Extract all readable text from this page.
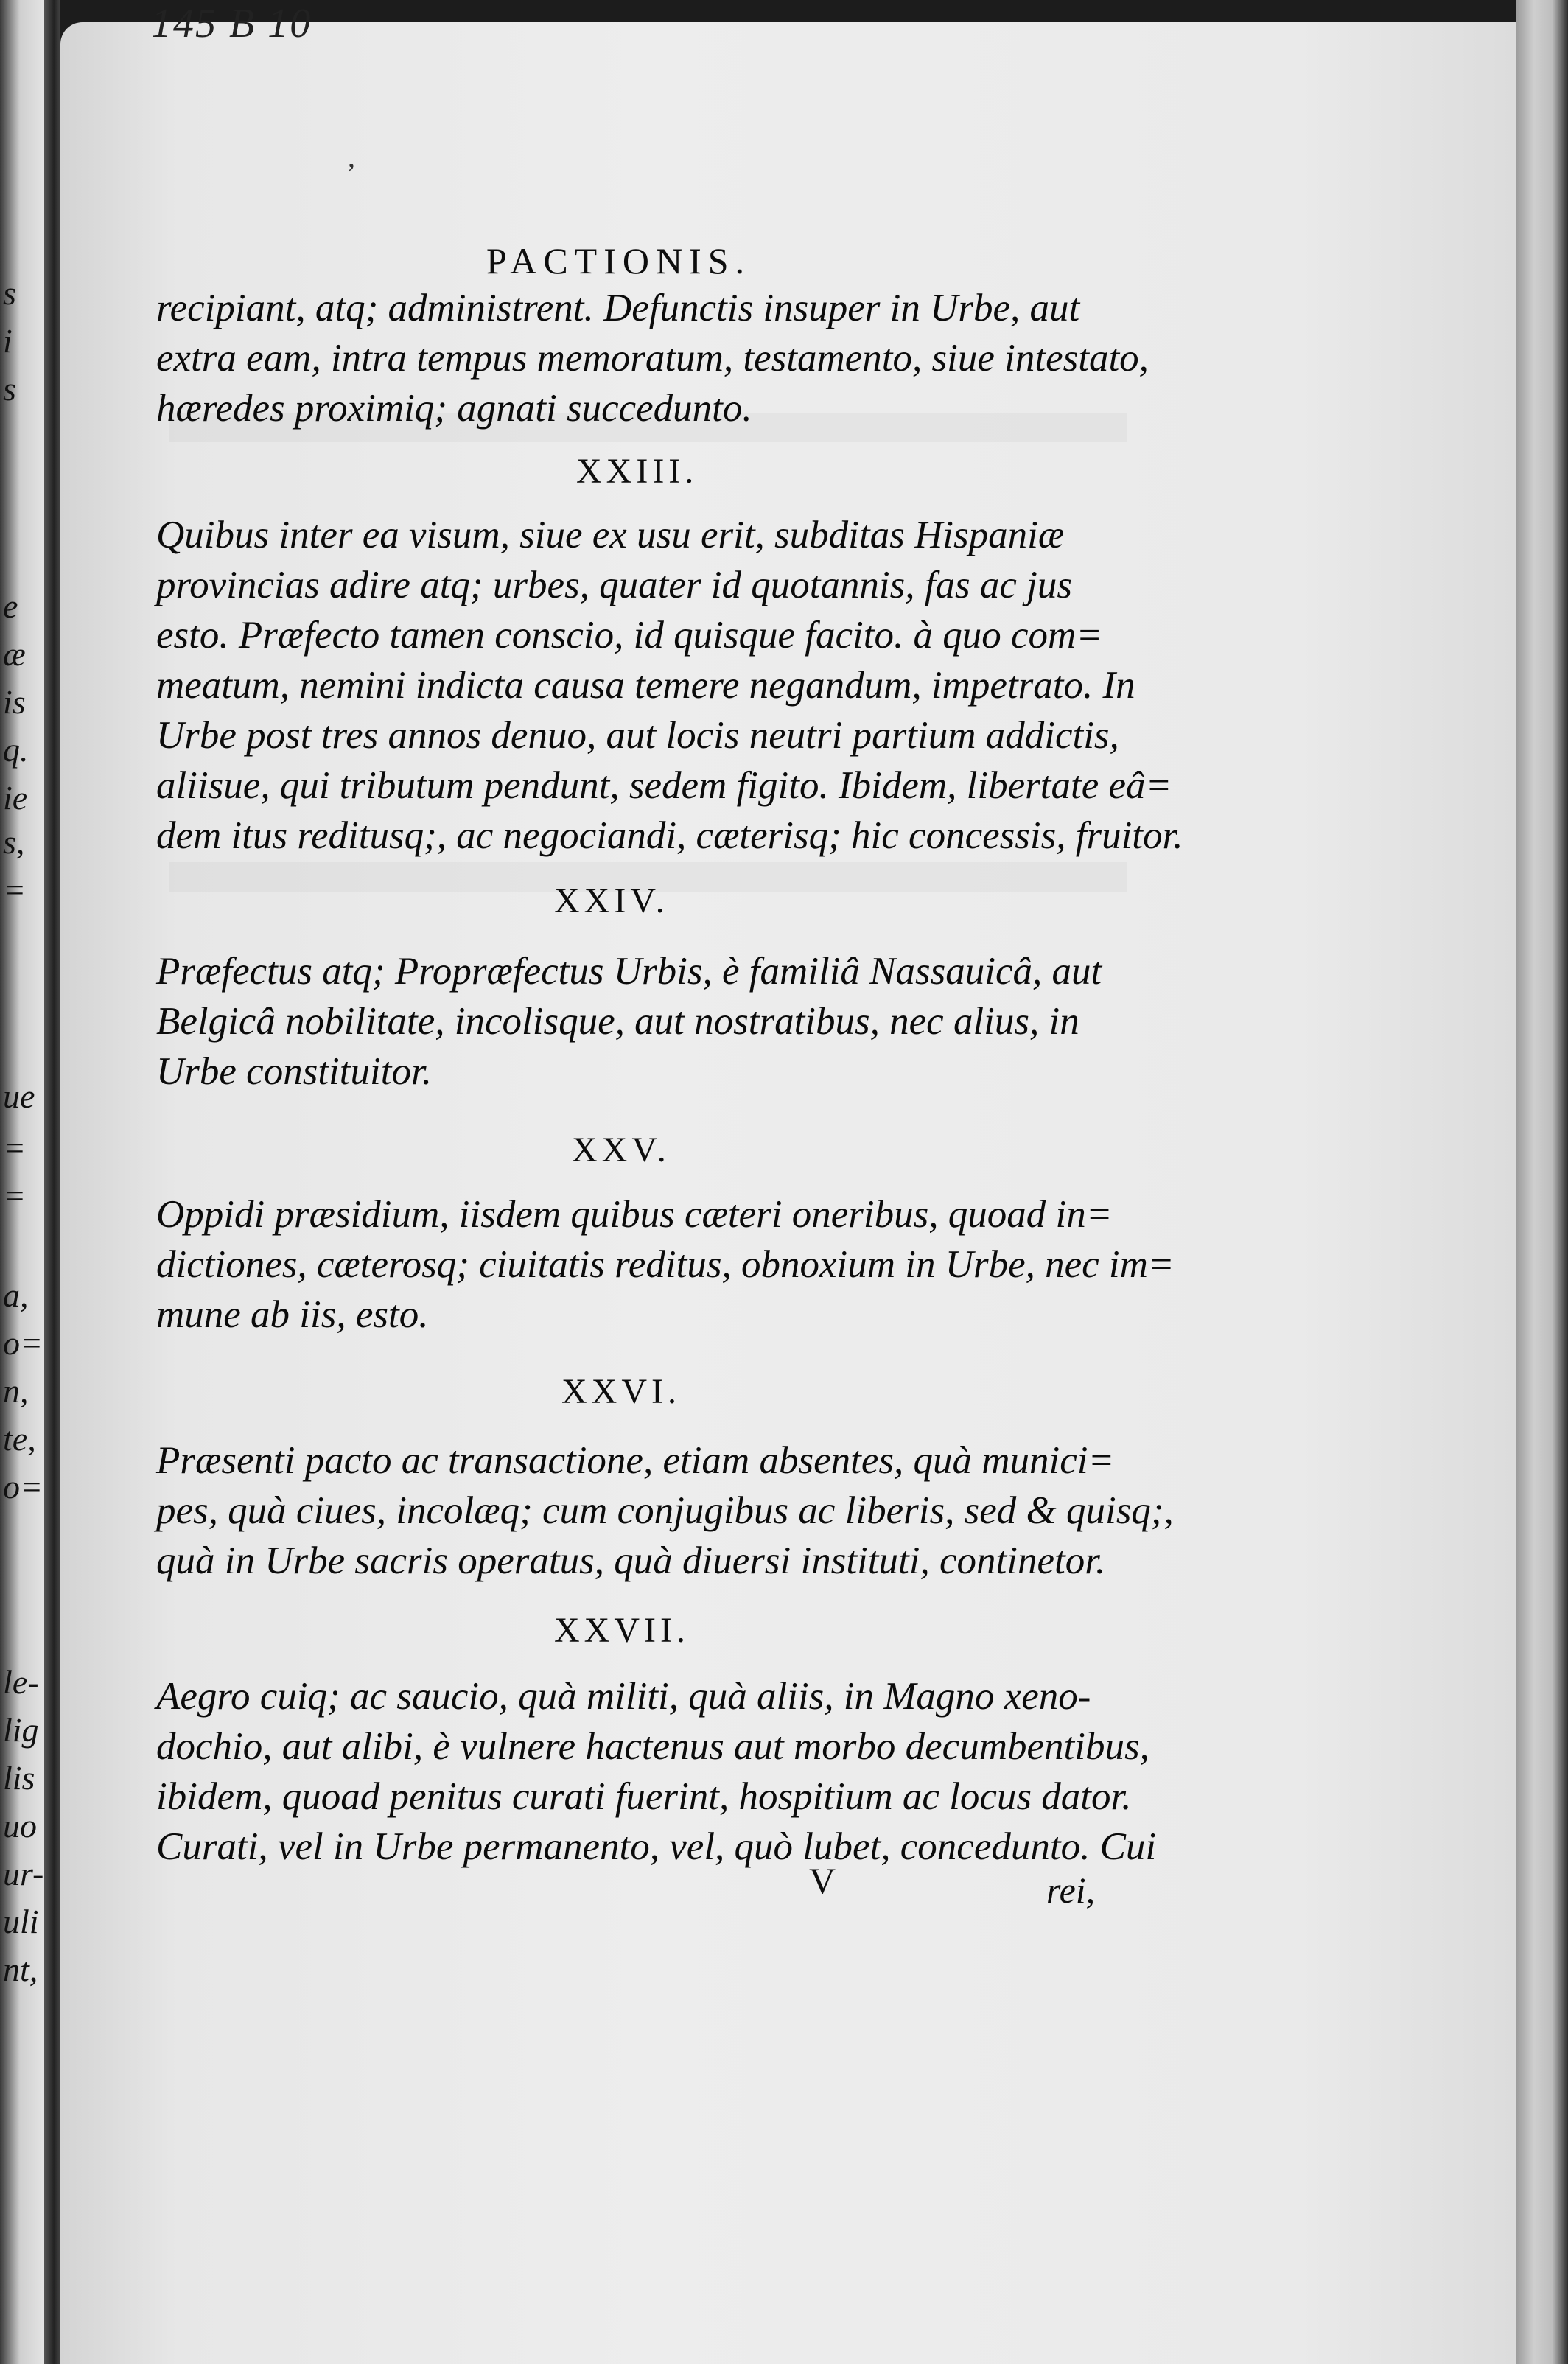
s
i
s
e
æ
is
q.
ie
s,
=
ue
=
=
a,
o=
n,
te,
o=
le-
lig
lis
uo
ur-
uli
nt,
145 B 10
ʼ
PACTIONIS.
recipiant, atq; administrent. Defunctis insuper in Urbe, aut
extra eam, intra tempus memoratum, testamento, siue intestato,
hæredes proximiq; agnati succedunto.
XXIII.
Quibus inter ea visum, siue ex usu erit, subditas Hispaniæ
provincias adire atq; urbes, quater id quotannis, fas ac jus
esto. Præfecto tamen conscio, id quisque facito. à quo com=
meatum, nemini indicta causa temere negandum, impetrato. In
Urbe post tres annos denuo, aut locis neutri partium addictis,
aliisue, qui tributum pendunt, sedem figito. Ibidem, libertate eâ=
dem itus reditusq;, ac negociandi, cæterisq; hic concessis, fruitor.
XXIV.
Præfectus atq; Propræfectus Urbis, è familiâ Nassauicâ, aut
Belgicâ nobilitate, incolisque, aut nostratibus, nec alius, in
Urbe constituitor.
XXV.
Oppidi præsidium, iisdem quibus cæteri oneribus, quoad in=
dictiones, cæterosq; ciuitatis reditus, obnoxium in Urbe, nec im=
mune ab iis, esto.
XXVI.
Præsenti pacto ac transactione, etiam absentes, quà munici=
pes, quà ciues, incolæq; cum conjugibus ac liberis, sed & quisq;,
quà in Urbe sacris operatus, quà diuersi instituti, continetor.
XXVII.
Aegro cuiq; ac saucio, quà militi, quà aliis, in Magno xeno-
dochio, aut alibi, è vulnere hactenus aut morbo decumbentibus,
ibidem, quoad penitus curati fuerint, hospitium ac locus dator.
Curati, vel in Urbe permanento, vel, quò lubet, concedunto. Cui
V	rei,
